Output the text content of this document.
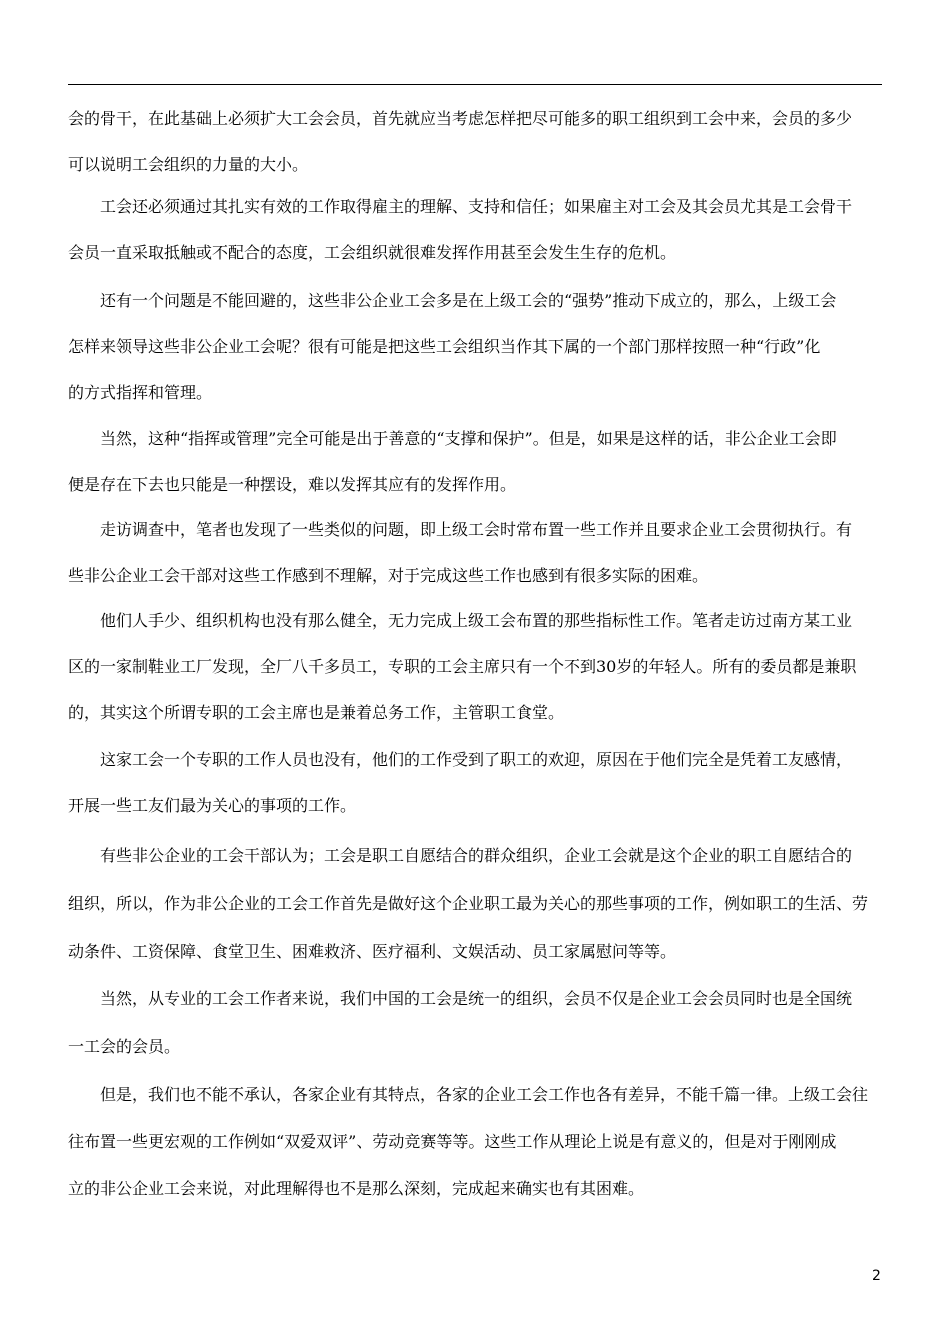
会的骨干，在此基础上必须扩大工会会员，首先就应当考虑怎样把尽可能多的职工组织到工会中来，会员的多少
可以说明工会组织的力量的大小。

　　工会还必须通过其扎实有效的工作取得雇主的理解、支持和信任；如果雇主对工会及其会员尤其是工会骨干
会员一直采取抵触或不配合的态度，工会组织就很难发挥作用甚至会发生生存的危机。

　　还有一个问题是不能回避的，这些非公企业工会多是在上级工会的“强势”推动下成立的，那么，上级工会
怎样来领导这些非公企业工会呢？很有可能是把这些工会组织当作其下属的一个部门那样按照一种“行政”化
的方式指挥和管理。

　　当然，这种“指挥或管理”完全可能是出于善意的“支撑和保护”。但是，如果是这样的话，非公企业工会即
便是存在下去也只能是一种摆设，难以发挥其应有的发挥作用。

　　走访调查中，笔者也发现了一些类似的问题，即上级工会时常布置一些工作并且要求企业工会贯彻执行。有
些非公企业工会干部对这些工作感到不理解，对于完成这些工作也感到有很多实际的困难。

　　他们人手少、组织机构也没有那么健全，无力完成上级工会布置的那些指标性工作。笔者走访过南方某工业
区的一家制鞋业工厂发现，全厂八千多员工，专职的工会主席只有一个不到30岁的年轻人。所有的委员都是兼职
的，其实这个所谓专职的工会主席也是兼着总务工作，主管职工食堂。

　　这家工会一个专职的工作人员也没有，他们的工作受到了职工的欢迎，原因在于他们完全是凭着工友感情，
开展一些工友们最为关心的事项的工作。

　　有些非公企业的工会干部认为；工会是职工自愿结合的群众组织，企业工会就是这个企业的职工自愿结合的
组织，所以，作为非公企业的工会工作首先是做好这个企业职工最为关心的那些事项的工作，例如职工的生活、劳
动条件、工资保障、食堂卫生、困难救济、医疗福利、文娱活动、员工家属慰问等等。

　　当然，从专业的工会工作者来说，我们中国的工会是统一的组织，会员不仅是企业工会会员同时也是全国统
一工会的会员。

　　但是，我们也不能不承认，各家企业有其特点，各家的企业工会工作也各有差异，不能千篇一律。上级工会往
往布置一些更宏观的工作例如“双爱双评”、劳动竞赛等等。这些工作从理论上说是有意义的，但是对于刚刚成
立的非公企业工会来说，对此理解得也不是那么深刻，完成起来确实也有其困难。

2
